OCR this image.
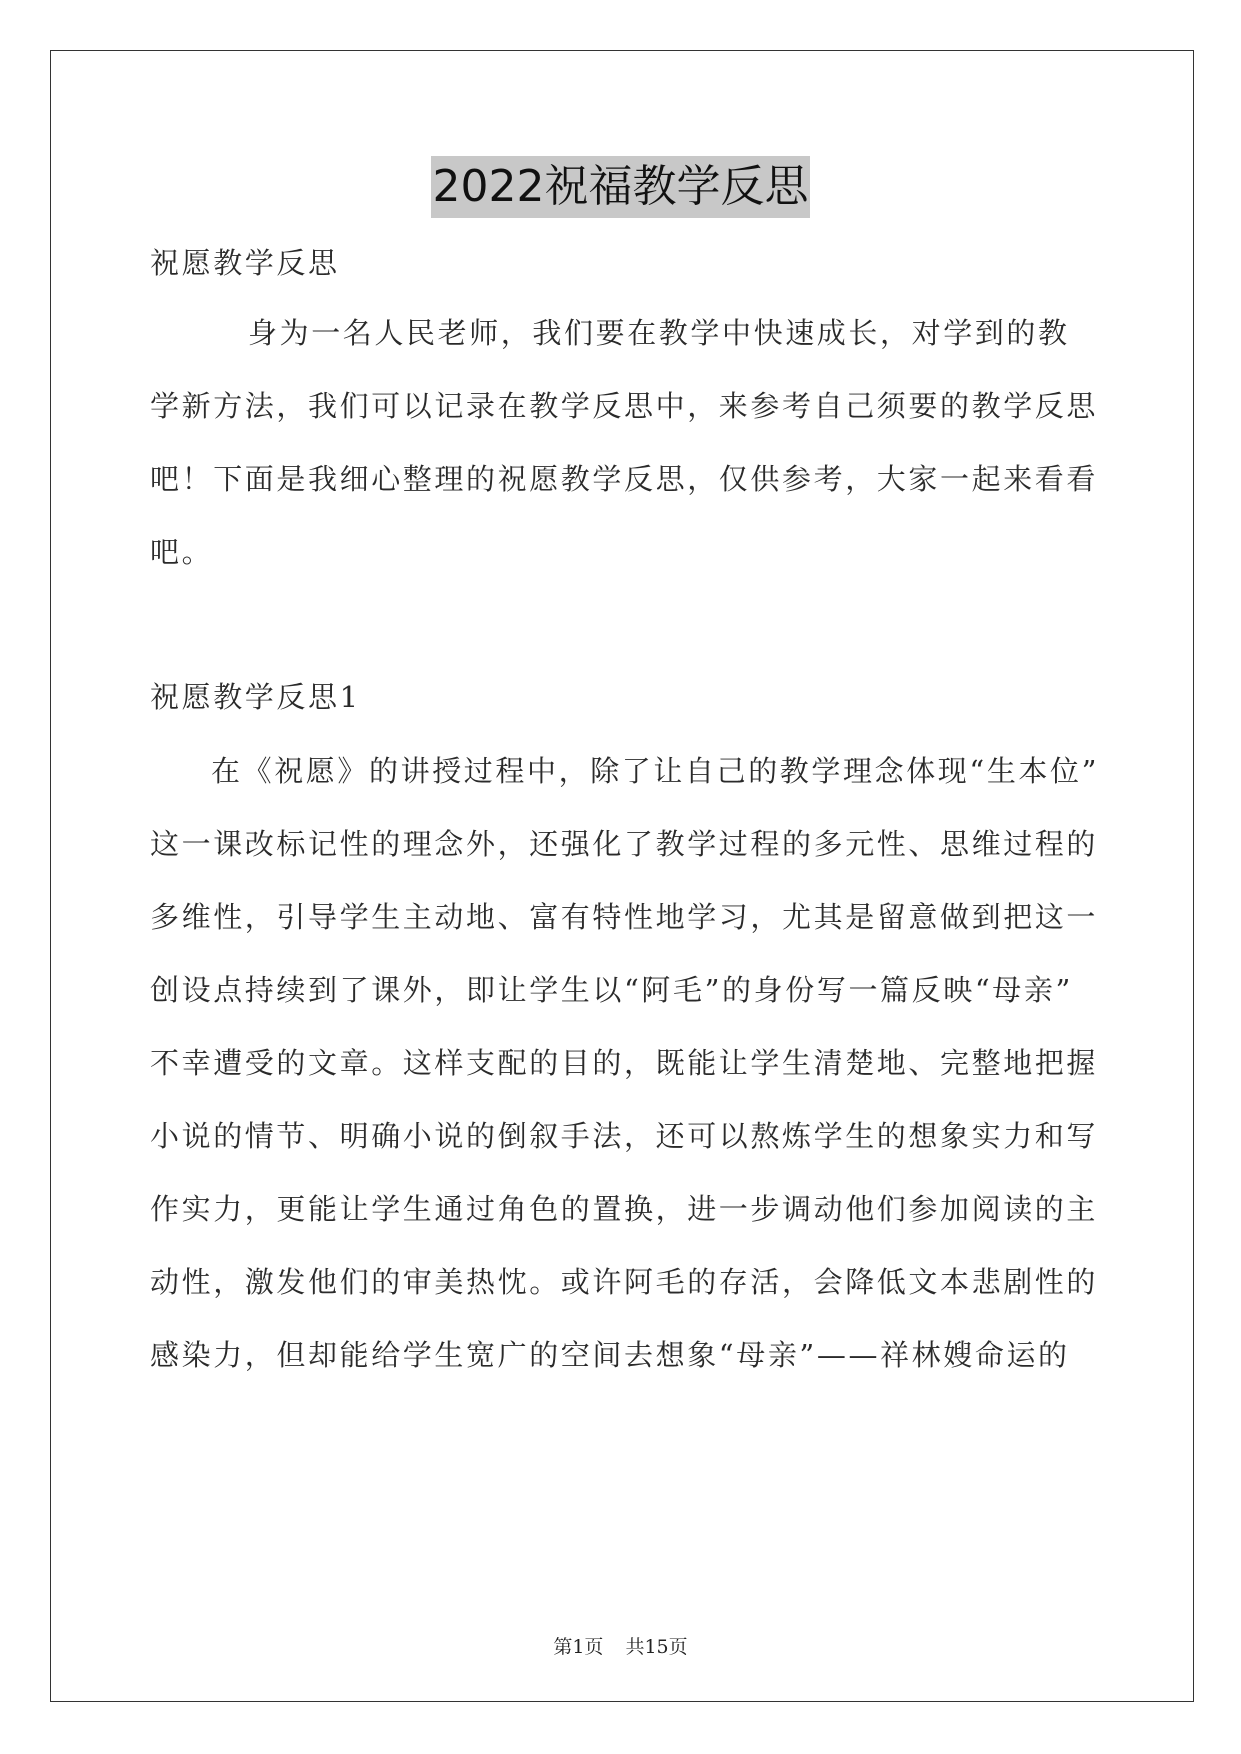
2022祝福教学反思
祝愿教学反思
身为一名人民老师，我们要在教学中快速成长，对学到的教
学新方法，我们可以记录在教学反思中，来参考自己须要的教学反思
吧！下面是我细心整理的祝愿教学反思，仅供参考，大家一起来看看
吧。
祝愿教学反思1
在《祝愿》的讲授过程中，除了让自己的教学理念体现“生本位”
这一课改标记性的理念外，还强化了教学过程的多元性、思维过程的
多维性，引导学生主动地、富有特性地学习，尤其是留意做到把这一
创设点持续到了课外，即让学生以“阿毛”的身份写一篇反映“母亲”
不幸遭受的文章。这样支配的目的，既能让学生清楚地、完整地把握
小说的情节、明确小说的倒叙手法，还可以熬炼学生的想象实力和写
作实力，更能让学生通过角色的置换，进一步调动他们参加阅读的主
动性，激发他们的审美热忱。或许阿毛的存活，会降低文本悲剧性的
感染力，但却能给学生宽广的空间去想象“母亲”——祥林嫂命运的
第1页 共15页
